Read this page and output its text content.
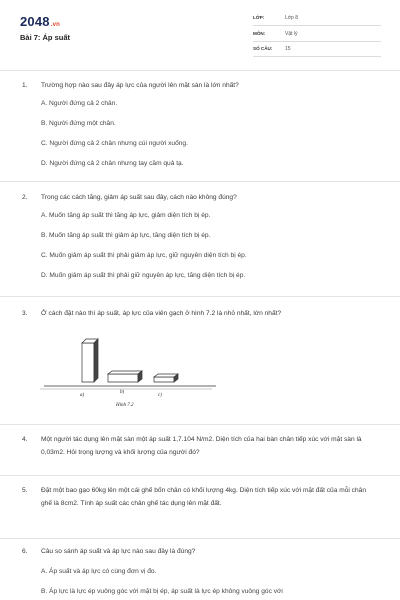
2048.vn
Bài 7: Áp suất
LỚP:	Lớp 8
MÔN:	Vật lý
SỐ CÂU:	15
1. Trường hợp nào sau đây áp lực của người lên mặt sàn là lớn nhất?
A. Người đứng cả 2 chân.
B. Người đứng một chân.
C. Người đứng cả 2 chân nhưng cúi người xuống.
D. Người đứng cả 2 chân nhưng tay cầm quả tạ.
2. Trong các cách tăng, giảm áp suất sau đây, cách nào không đúng?
A. Muốn tăng áp suất thì tăng áp lực, giảm diện tích bị ép.
B. Muốn tăng áp suất thì giảm áp lực, tăng diện tích bị ép.
C. Muốn giảm áp suất thì phải giảm áp lực, giữ nguyên diện tích bị ép.
D. Muốn giảm áp suất thì phải giữ nguyên áp lực, tăng diện tích bị ép.
3. Ở cách đặt nào thì áp suất, áp lực của viên gạch ở hình 7.2 là nhỏ nhất, lớn nhất?
a)
b)
c)
Hình 7.2
4. Một người tác dụng lên mặt sàn một áp suất 1,7.104 N/m2. Diện tích của hai bàn chân tiếp xúc với mặt sàn là 0,03m2. Hỏi trọng lượng và khối lượng của người đó?
5. Đặt một bao gạo 60kg lên một cái ghế bốn chân có khối lượng 4kg. Diện tích tiếp xúc với mặt đất của mỗi chân ghế là 8cm2. Tính áp suất các chân ghế tác dụng lên mặt đất.
6. Câu so sánh áp suất và áp lực nào sau đây là đúng?
A. Áp suất và áp lực có cùng đơn vị đo.
B. Áp lực là lực ép vuông góc với mặt bị ép, áp suất là lực ép không vuông góc với
